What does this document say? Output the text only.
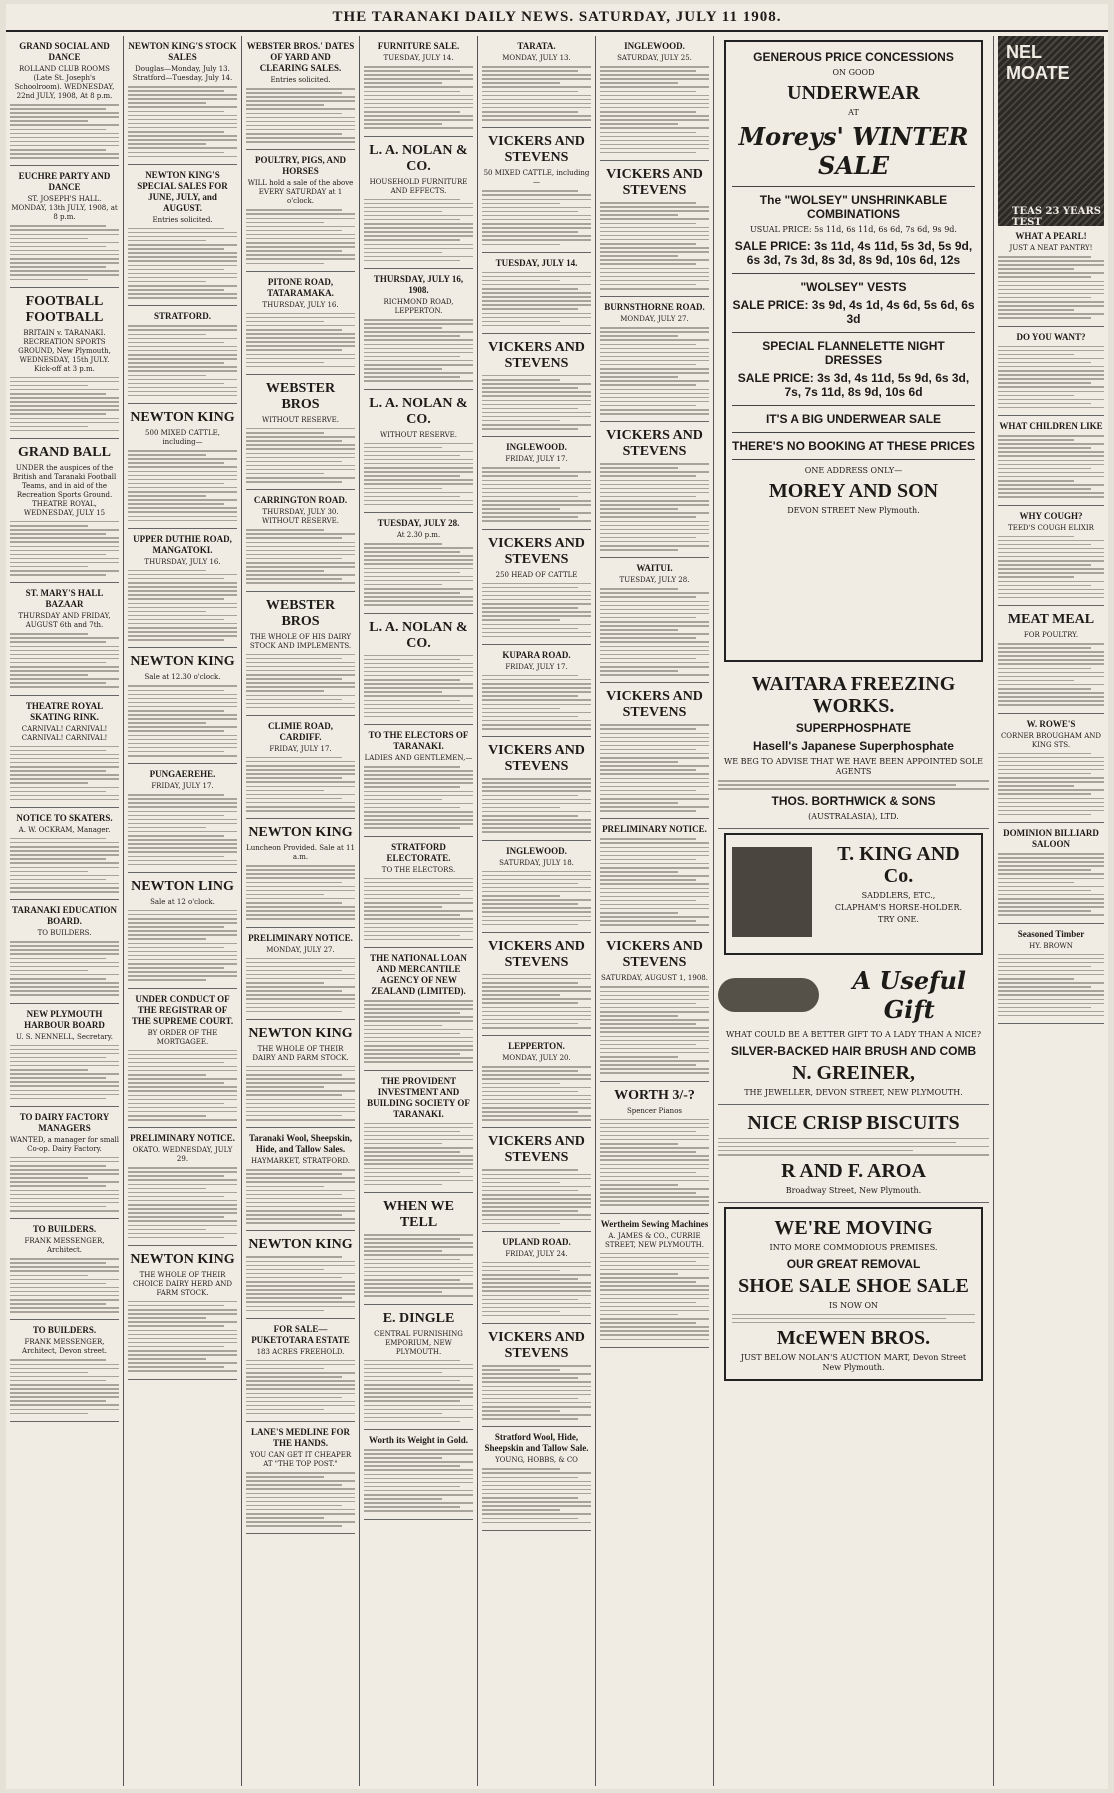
THE TARANAKI DAILY NEWS. SATURDAY, JULY 11 1908.
GRAND SOCIAL AND DANCE
ROLLAND CLUB ROOMS (Late St. Joseph's Schoolroom). WEDNESDAY, 22nd JULY, 1908, At 8 p.m.
EUCHRE PARTY AND DANCE
ST. JOSEPH'S HALL. MONDAY, 13th JULY, 1908, at 8 p.m.
FOOTBALL FOOTBALL
BRITAIN v. TARANAKI. RECREATION SPORTS GROUND, New Plymouth, WEDNESDAY, 15th JULY. Kick-off at 3 p.m.
GRAND BALL
UNDER the auspices of the British and Taranaki Football Teams, and in aid of the Recreation Sports Ground. THEATRE ROYAL, WEDNESDAY, JULY 15
ST. MARY'S HALL BAZAAR
THURSDAY AND FRIDAY, AUGUST 6th and 7th.
THEATRE ROYAL SKATING RINK.
CARNIVAL! CARNIVAL! CARNIVAL! CARNIVAL!
NOTICE TO SKATERS.
A. W. OCKRAM, Manager.
TARANAKI EDUCATION BOARD.
TO BUILDERS.
NEW PLYMOUTH HARBOUR BOARD
U. S. NENNELL, Secretary.
TO DAIRY FACTORY MANAGERS
WANTED, a manager for small Co-op. Dairy Factory.
TO BUILDERS.
FRANK MESSENGER, Architect.
TO BUILDERS.
FRANK MESSENGER, Architect, Devon street.
NEWTON KING'S STOCK SALES
Douglas—Monday, July 13. Stratford—Tuesday, July 14.
NEWTON KING'S SPECIAL SALES FOR JUNE, JULY, and AUGUST.
Entries solicited.
STRATFORD.
NEWTON KING
500 MIXED CATTLE, including—
UPPER DUTHIE ROAD, MANGATOKI.
THURSDAY, JULY 16.
NEWTON KING
Sale at 12.30 o'clock.
PUNGAEREHE.
FRIDAY, JULY 17.
NEWTON LING
Sale at 12 o'clock.
UNDER CONDUCT OF THE REGISTRAR OF THE SUPREME COURT.
BY ORDER OF THE MORTGAGEE.
PRELIMINARY NOTICE.
OKATO. WEDNESDAY, JULY 29.
NEWTON KING
THE WHOLE OF THEIR CHOICE DAIRY HERD AND FARM STOCK.
WEBSTER BROS.' DATES OF YARD AND CLEARING SALES.
Entries solicited.
POULTRY, PIGS, AND HORSES
WILL hold a sale of the above EVERY SATURDAY at 1 o'clock.
PITONE ROAD, TATARAMAKA.
THURSDAY, JULY 16.
WEBSTER BROS
WITHOUT RESERVE.
CARRINGTON ROAD.
THURSDAY, JULY 30. WITHOUT RESERVE.
WEBSTER BROS
THE WHOLE OF HIS DAIRY STOCK AND IMPLEMENTS.
CLIMIE ROAD, CARDIFF.
FRIDAY, JULY 17.
NEWTON KING
Luncheon Provided. Sale at 11 a.m.
PRELIMINARY NOTICE.
MONDAY, JULY 27.
NEWTON KING
THE WHOLE OF THEIR DAIRY AND FARM STOCK.
Taranaki Wool, Sheepskin, Hide, and Tallow Sales.
HAYMARKET, STRATFORD.
NEWTON KING
FOR SALE— PUKETOTARA ESTATE
183 ACRES FREEHOLD.
LANE'S MEDLINE FOR THE HANDS.
YOU CAN GET IT CHEAPER AT "THE TOP POST."
FURNITURE SALE.
TUESDAY, JULY 14.
L. A. NOLAN & CO.
HOUSEHOLD FURNITURE AND EFFECTS.
THURSDAY, JULY 16, 1908.
RICHMOND ROAD, LEPPERTON.
L. A. NOLAN & CO.
WITHOUT RESERVE.
TUESDAY, JULY 28.
At 2.30 p.m.
L. A. NOLAN & CO.
TO THE ELECTORS OF TARANAKI.
LADIES AND GENTLEMEN,—
STRATFORD ELECTORATE.
TO THE ELECTORS.
THE NATIONAL LOAN AND MERCANTILE AGENCY OF NEW ZEALAND (LIMITED).
THE PROVIDENT INVESTMENT AND BUILDING SOCIETY OF TARANAKI.
WHEN WE TELL
E. DINGLE
CENTRAL FURNISHING EMPORIUM, NEW PLYMOUTH.
Worth its Weight in Gold.
TARATA.
MONDAY, JULY 13.
VICKERS AND STEVENS
50 MIXED CATTLE, including—
TUESDAY, JULY 14.
VICKERS AND STEVENS
INGLEWOOD.
FRIDAY, JULY 17.
VICKERS AND STEVENS
250 HEAD OF CATTLE
KUPARA ROAD.
FRIDAY, JULY 17.
VICKERS AND STEVENS
INGLEWOOD.
SATURDAY, JULY 18.
VICKERS AND STEVENS
LEPPERTON.
MONDAY, JULY 20.
VICKERS AND STEVENS
UPLAND ROAD.
FRIDAY, JULY 24.
VICKERS AND STEVENS
Stratford Wool, Hide, Sheepskin and Tallow Sale.
YOUNG, HOBBS, & CO
INGLEWOOD.
SATURDAY, JULY 25.
VICKERS AND STEVENS
BURNSTHORNE ROAD.
MONDAY, JULY 27.
VICKERS AND STEVENS
WAITUI.
TUESDAY, JULY 28.
VICKERS AND STEVENS
PRELIMINARY NOTICE.
VICKERS AND STEVENS
SATURDAY, AUGUST 1, 1908.
WORTH 3/-?
Spencer Pianos
Wertheim Sewing Machines
A. JAMES & CO., CURRIE STREET, NEW PLYMOUTH.
GENEROUS PRICE CONCESSIONS
ON GOOD
UNDERWEAR
AT
Moreys' WINTER SALE
The "WOLSEY" UNSHRINKABLE COMBINATIONS
USUAL PRICE: 5s 11d, 6s 11d, 6s 6d, 7s 6d, 9s 9d.
SALE PRICE: 3s 11d, 4s 11d, 5s 3d, 5s 9d, 6s 3d, 7s 3d, 8s 3d, 8s 9d, 10s 6d, 12s
"WOLSEY" VESTS
SALE PRICE: 3s 9d, 4s 1d, 4s 6d, 5s 6d, 6s 3d
SPECIAL FLANNELETTE NIGHT DRESSES
SALE PRICE: 3s 3d, 4s 11d, 5s 9d, 6s 3d, 7s, 7s 11d, 8s 9d, 10s 6d
IT'S A BIG UNDERWEAR SALE
THERE'S NO BOOKING AT THESE PRICES
ONE ADDRESS ONLY—
MOREY AND SON
DEVON STREET New Plymouth.
WAITARA FREEZING WORKS.
SUPERPHOSPHATE
Hasell's Japanese Superphosphate
WE BEG TO ADVISE THAT WE HAVE BEEN APPOINTED SOLE AGENTS
THOS. BORTHWICK & SONS
(AUSTRALASIA), LTD.
T. KING AND Co.
SADDLERS, ETC.,
CLAPHAM'S HORSE-HOLDER.
TRY ONE.
A Useful Gift
WHAT COULD BE A BETTER GIFT TO A LADY THAN A NICE?
SILVER-BACKED HAIR BRUSH AND COMB
N. GREINER,
THE JEWELLER, DEVON STREET, NEW PLYMOUTH.
NICE CRISP BISCUITS
R AND F. AROA
Broadway Street, New Plymouth.
WE'RE MOVING
INTO MORE COMMODIOUS PREMISES.
OUR GREAT REMOVAL
SHOE SALE SHOE SALE
IS NOW ON
McEWEN BROS.
JUST BELOW NOLAN'S AUCTION MART, Devon Street New Plymouth.
NEL MOATE
TEAS 23 YEARS TEST
WHAT A PEARL!
JUST A NEAT PANTRY!
DO YOU WANT?
WHAT CHILDREN LIKE
WHY COUGH?
TEED'S COUGH ELIXIR
MEAT MEAL
FOR POULTRY.
W. ROWE'S
CORNER BROUGHAM AND KING STS.
DOMINION BILLIARD SALOON
Seasoned Timber
HY. BROWN
